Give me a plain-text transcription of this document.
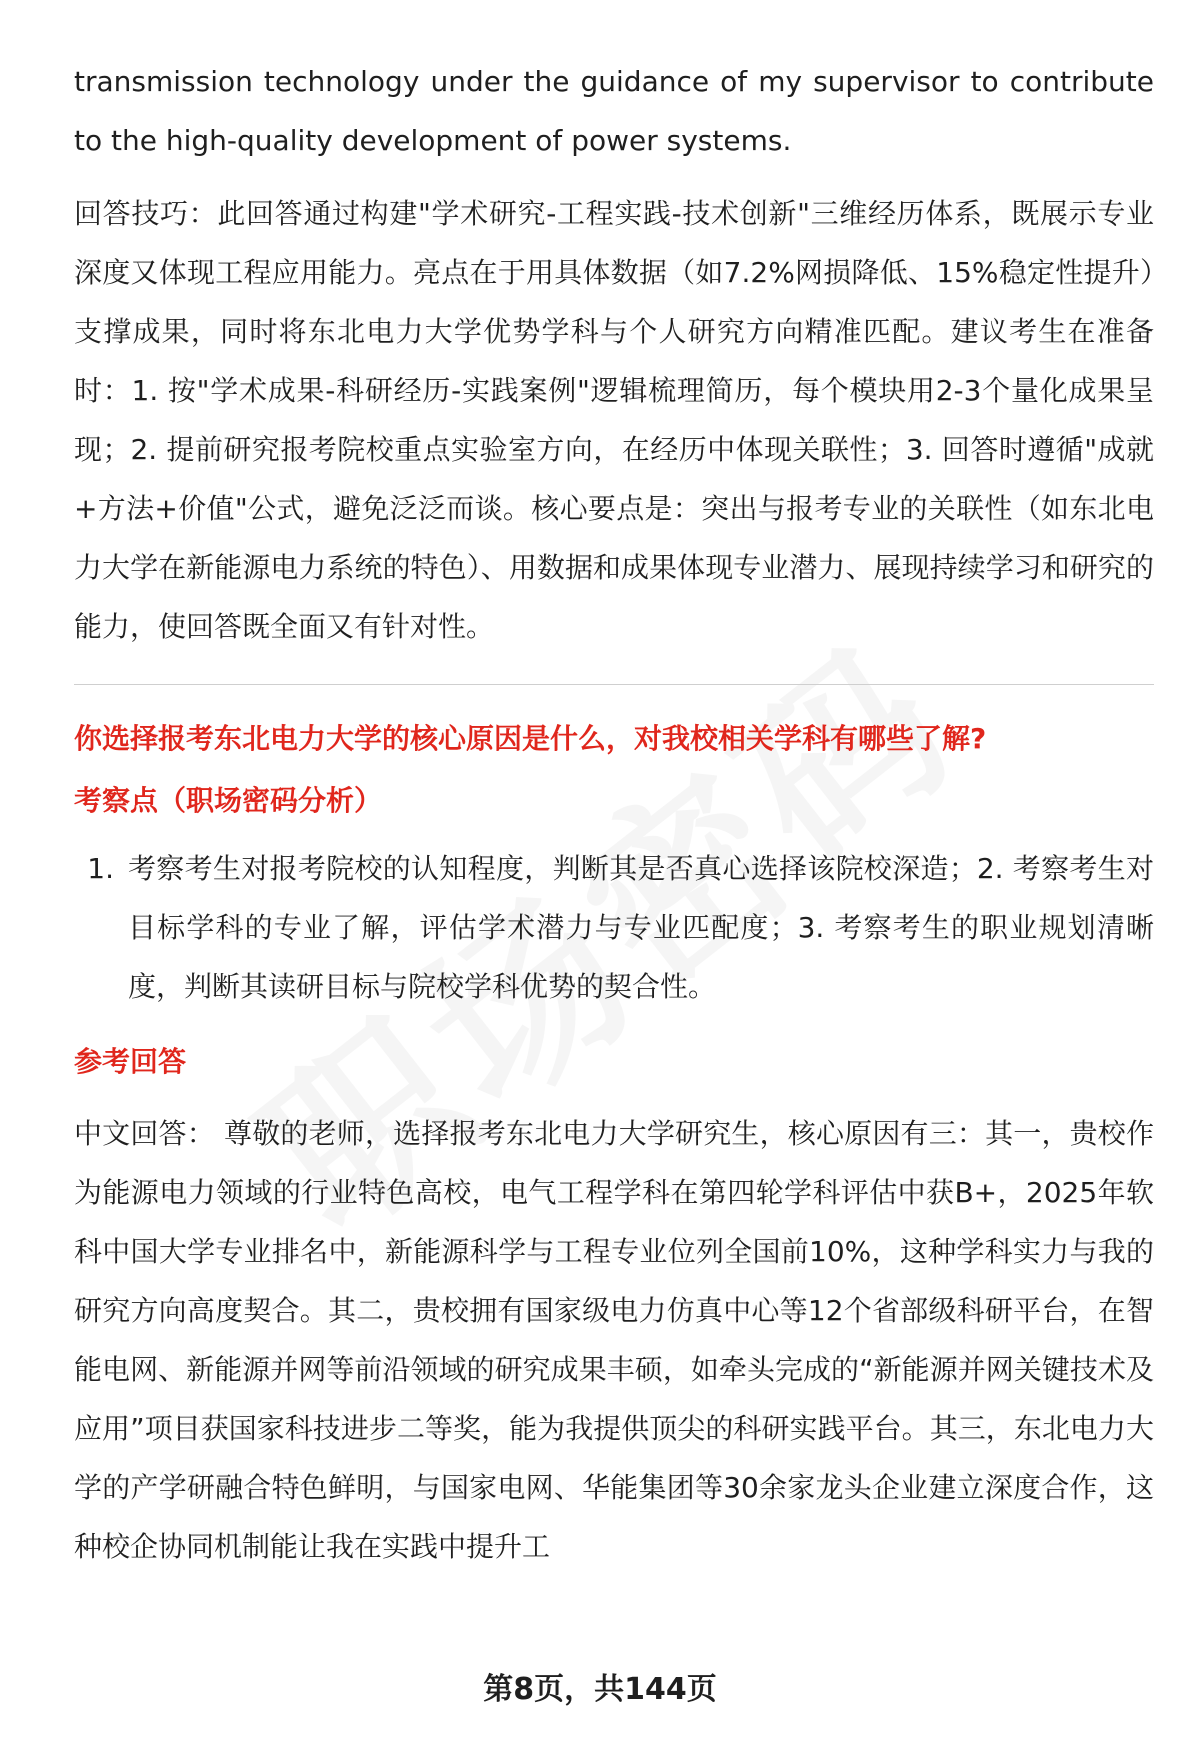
transmission technology under the guidance of my supervisor to contribute to the high-quality development of power systems.

回答技巧：此回答通过构建"学术研究-工程实践-技术创新"三维经历体系，既展示专业深度又体现工程应用能力。亮点在于用具体数据（如7.2%网损降低、15%稳定性提升）支撑成果，同时将东北电力大学优势学科与个人研究方向精准匹配。建议考生在准备时：1. 按"学术成果-科研经历-实践案例"逻辑梳理简历，每个模块用2-3个量化成果呈现；2. 提前研究报考院校重点实验室方向，在经历中体现关联性；3. 回答时遵循"成就+方法+价值"公式，避免泛泛而谈。核心要点是：突出与报考专业的关联性（如东北电力大学在新能源电力系统的特色）、用数据和成果体现专业潜力、展现持续学习和研究的能力，使回答既全面又有针对性。

你选择报考东北电力大学的核心原因是什么，对我校相关学科有哪些了解?

考察点（职场密码分析）

1. 考察考生对报考院校的认知程度，判断其是否真心选择该院校深造；2. 考察考生对目标学科的专业了解，评估学术潜力与专业匹配度；3. 考察考生的职业规划清晰度，判断其读研目标与院校学科优势的契合性。

参考回答

中文回答： 尊敬的老师，选择报考东北电力大学研究生，核心原因有三：其一，贵校作为能源电力领域的行业特色高校，电气工程学科在第四轮学科评估中获B+，2025年软科中国大学专业排名中，新能源科学与工程专业位列全国前10%，这种学科实力与我的研究方向高度契合。其二，贵校拥有国家级电力仿真中心等12个省部级科研平台，在智能电网、新能源并网等前沿领域的研究成果丰硕，如牵头完成的“新能源并网关键技术及应用”项目获国家科技进步二等奖，能为我提供顶尖的科研实践平台。其三，东北电力大学的产学研融合特色鲜明，与国家电网、华能集团等30余家龙头企业建立深度合作，这种校企协同机制能让我在实践中提升工

第8页，共144页
